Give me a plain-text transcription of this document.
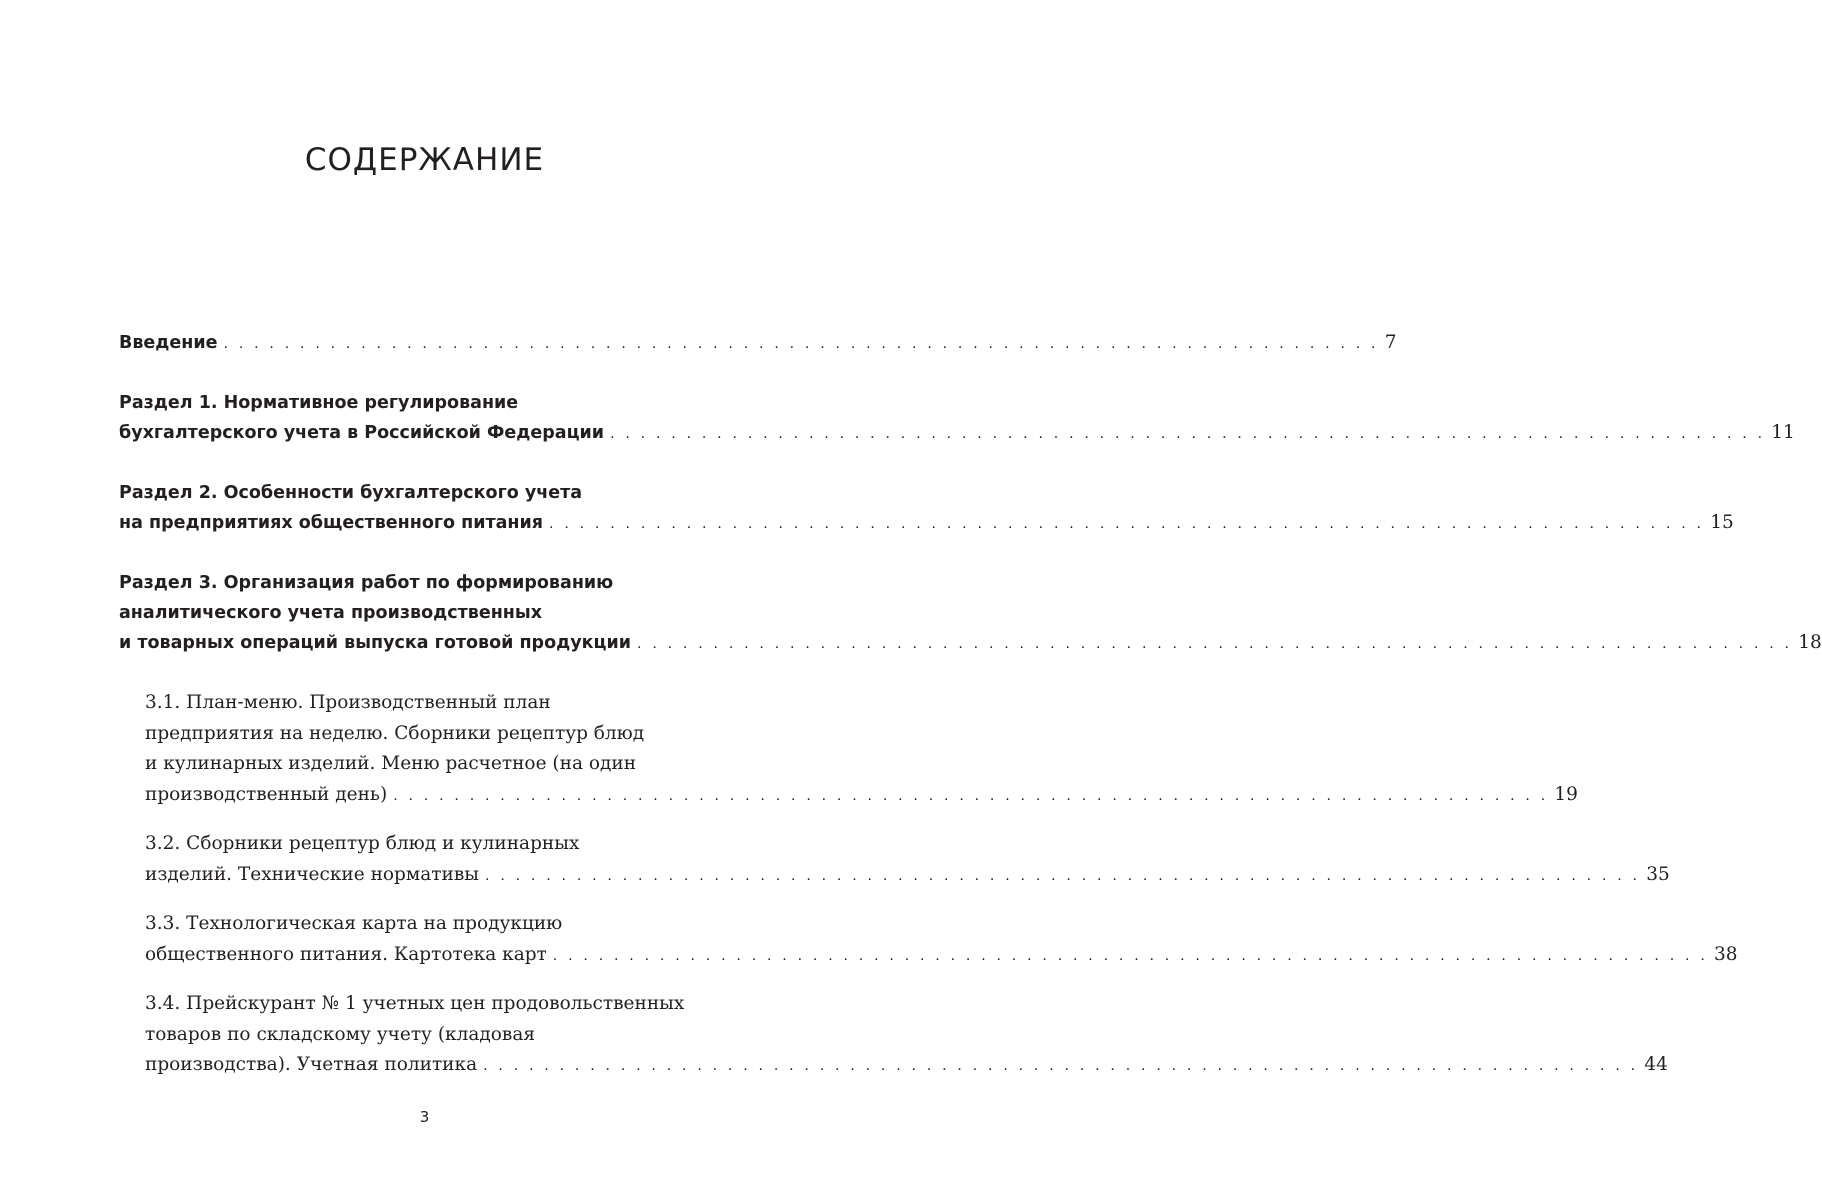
СОДЕРЖАНИЕ
Введение . . . . . . . . . . . . . . . . . . . . . . . . . . . . . . . . . . . . . . . . . . . . . . . . . . . . . . . . . . . . . . . . . . . . . . . . . . . . 7
Раздел 1. Нормативное регулирование
бухгалтерского учета в Российской Федерации . . . . . . . . . . . . . . . . . . . . . . . . . . . . . . . . . . . . . . . . . . . . . . . . . . . . . . . . . . . . . . . . . . . . . . . . . . . . 11
Раздел 2. Особенности бухгалтерского учета
на предприятиях общественного питания . . . . . . . . . . . . . . . . . . . . . . . . . . . . . . . . . . . . . . . . . . . . . . . . . . . . . . . . . . . . . . . . . . . . . . . . . . . . 15
Раздел 3. Организация работ по формированию
аналитического учета производственных
и товарных операций выпуска готовой продукции . . . . . . . . . . . . . . . . . . . . . . . . . . . . . . . . . . . . . . . . . . . . . . . . . . . . . . . . . . . . . . . . . . . . . . . . . . . . 18
3.1. План-меню. Производственный план
предприятия на неделю. Сборники рецептур блюд
и кулинарных изделий. Меню расчетное (на один
производственный день) . . . . . . . . . . . . . . . . . . . . . . . . . . . . . . . . . . . . . . . . . . . . . . . . . . . . . . . . . . . . . . . . . . . . . . . . . . . . 19
3.2. Сборники рецептур блюд и кулинарных
изделий. Технические нормативы . . . . . . . . . . . . . . . . . . . . . . . . . . . . . . . . . . . . . . . . . . . . . . . . . . . . . . . . . . . . . . . . . . . . . . . . . . . . 35
3.3. Технологическая карта на продукцию
общественного питания. Картотека карт . . . . . . . . . . . . . . . . . . . . . . . . . . . . . . . . . . . . . . . . . . . . . . . . . . . . . . . . . . . . . . . . . . . . . . . . . . . . 38
3.4. Прейскурант № 1 учетных цен продовольственных
товаров по складскому учету (кладовая
производства). Учетная политика . . . . . . . . . . . . . . . . . . . . . . . . . . . . . . . . . . . . . . . . . . . . . . . . . . . . . . . . . . . . . . . . . . . . . . . . . . . . 44
3
